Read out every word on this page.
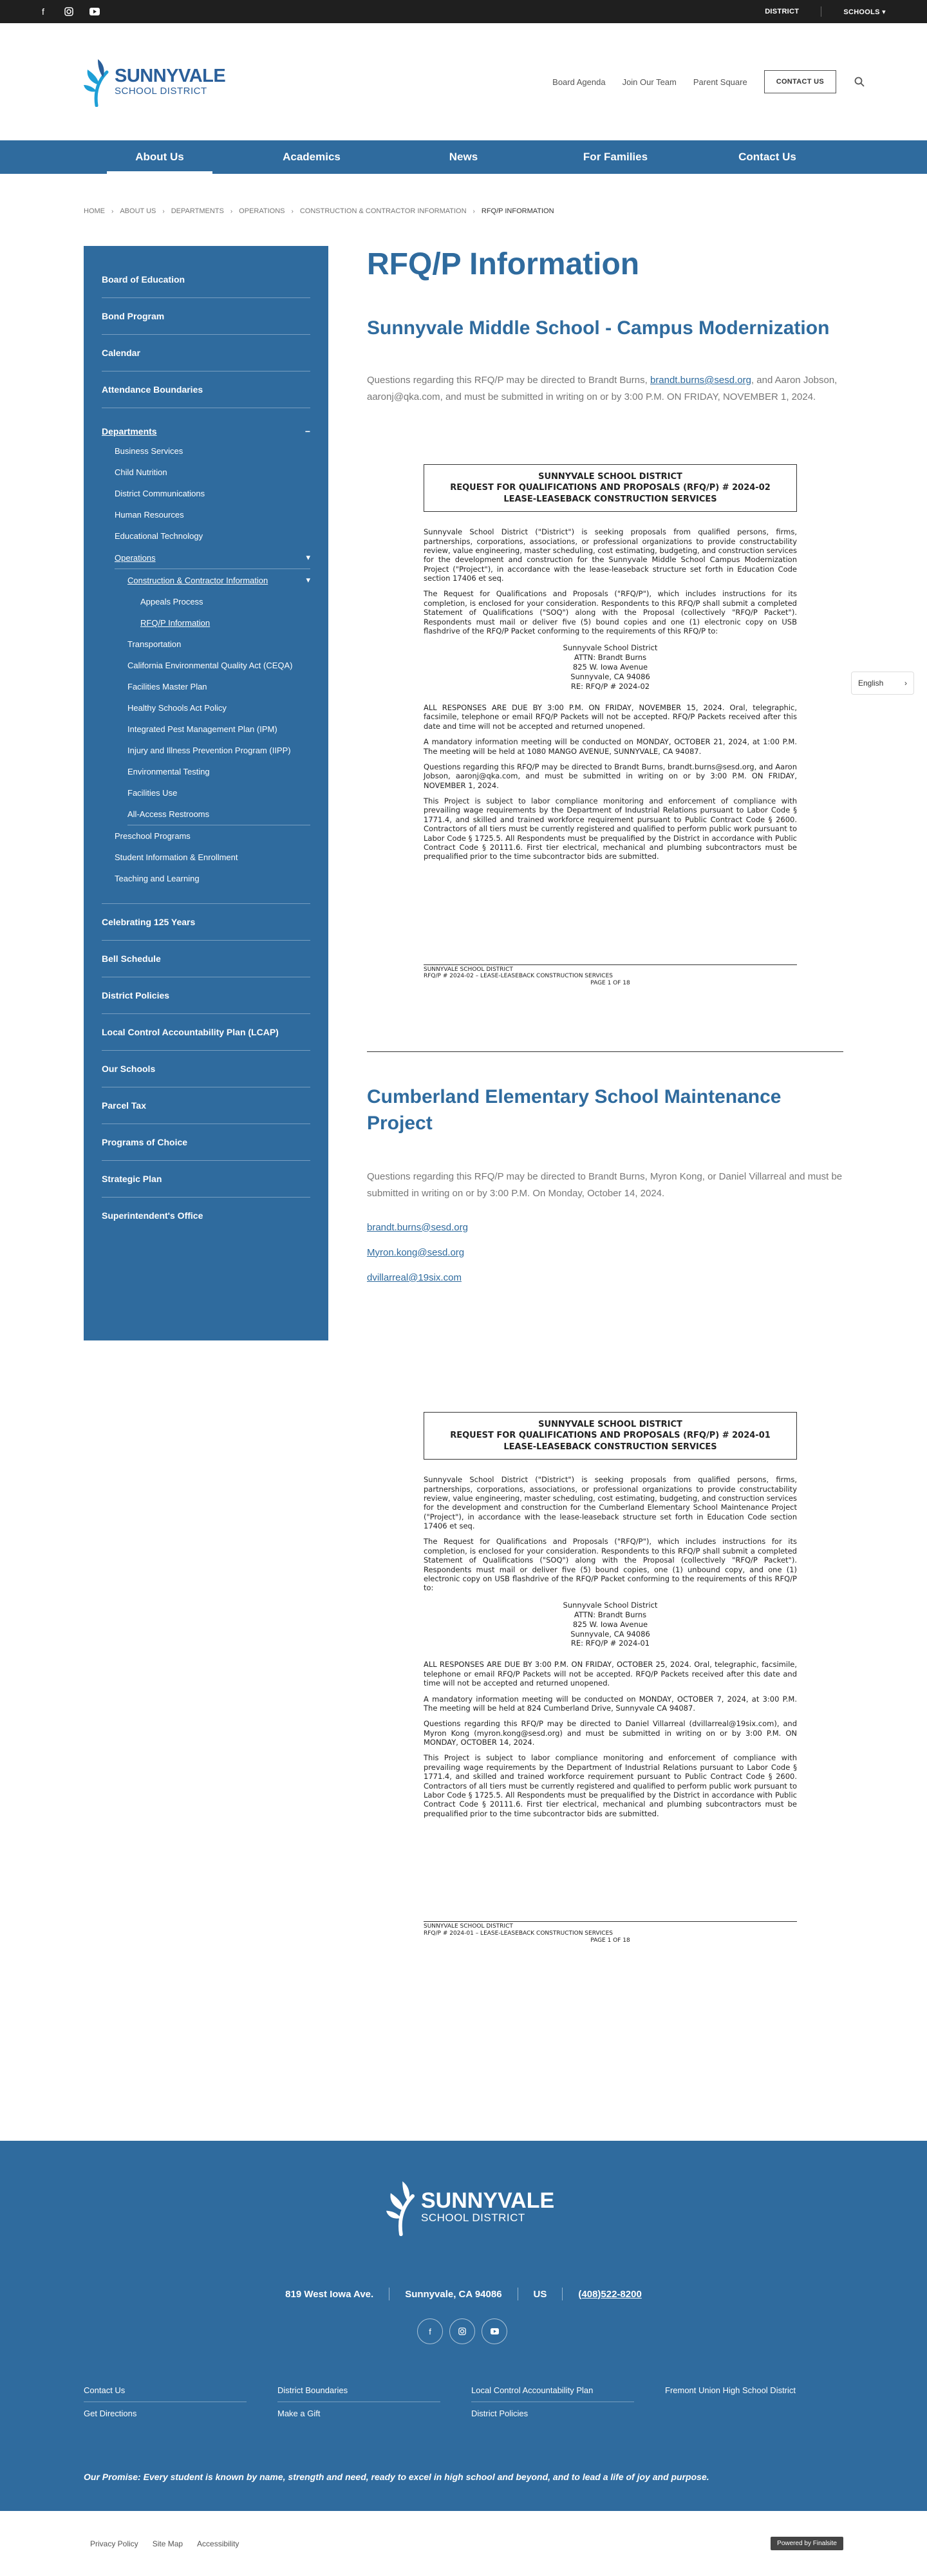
f	DISTRICT	SCHOOLS ▾
SUNNYVALE
SCHOOL DISTRICT
Board Agenda Join Our Team Parent Square	CONTACT US
About Us	Academics	News	For Families	Contact Us
HOME › ABOUT US › DEPARTMENTS › OPERATIONS › CONSTRUCTION & CONTRACTOR INFORMATION › RFQ/P INFORMATION
Board of Education
Bond Program
Calendar
Attendance Boundaries
Departments	−
Business Services
Child Nutrition
District Communications
Human Resources
Educational Technology
Operations	▾
Construction & Contractor Information	▾
Appeals Process
RFQ/P Information
Transportation
California Environmental Quality Act (CEQA)
Facilities Master Plan
Healthy Schools Act Policy
Integrated Pest Management Plan (IPM)
Injury and Illness Prevention Program (IIPP)
Environmental Testing
Facilities Use
All-Access Restrooms
Preschool Programs
Student Information & Enrollment
Teaching and Learning
Celebrating 125 Years
Bell Schedule
District Policies
Local Control Accountability Plan (LCAP)
Our Schools
Parcel Tax
Programs of Choice
Strategic Plan
Superintendent's Office
RFQ/P Information
Sunnyvale Middle School - Campus Modernization

Questions regarding this RFQ/P may be directed to Brandt Burns, brandt.burns@sesd.org, and Aaron Jobson, aaronj@qka.com, and must be submitted in writing on or by 3:00 P.M. ON FRIDAY, NOVEMBER 1, 2024.

SUNNYVALE SCHOOL DISTRICT
REQUEST FOR QUALIFICATIONS AND PROPOSALS (RFQ/P) # 2024-02
LEASE-LEASEBACK CONSTRUCTION SERVICES

Sunnyvale School District ("District") is seeking proposals from qualified persons, firms, partnerships, corporations, associations, or professional organizations to provide constructability review, value engineering, master scheduling, cost estimating, budgeting, and construction services for the development and construction for the Sunnyvale Middle School Campus Modernization Project ("Project"), in accordance with the lease-leaseback structure set forth in Education Code section 17406 et seq.

The Request for Qualifications and Proposals ("RFQ/P"), which includes instructions for its completion, is enclosed for your consideration. Respondents to this RFQ/P shall submit a completed Statement of Qualifications ("SOQ") along with the Proposal (collectively "RFQ/P Packet"). Respondents must mail or deliver five (5) bound copies and one (1) electronic copy on USB flashdrive of the RFQ/P Packet conforming to the requirements of this RFQ/P to:

Sunnyvale School District
ATTN: Brandt Burns
825 W. Iowa Avenue
Sunnyvale, CA 94086
RE: RFQ/P # 2024-02

ALL RESPONSES ARE DUE BY 3:00 P.M. ON FRIDAY, NOVEMBER 15, 2024. Oral, telegraphic, facsimile, telephone or email RFQ/P Packets will not be accepted. RFQ/P Packets received after this date and time will not be accepted and returned unopened.

A mandatory information meeting will be conducted on MONDAY, OCTOBER 21, 2024, at 1:00 P.M. The meeting will be held at 1080 MANGO AVENUE, SUNNYVALE, CA 94087.

Questions regarding this RFQ/P may be directed to Brandt Burns, brandt.burns@sesd.org, and Aaron Jobson, aaronj@qka.com, and must be submitted in writing on or by 3:00 P.M. ON FRIDAY, NOVEMBER 1, 2024.

This Project is subject to labor compliance monitoring and enforcement of compliance with prevailing wage requirements by the Department of Industrial Relations pursuant to Labor Code § 1771.4, and skilled and trained workforce requirement pursuant to Public Contract Code § 2600. Contractors of all tiers must be currently registered and qualified to perform public work pursuant to Labor Code § 1725.5. All Respondents must be prequalified by the District in accordance with Public Contract Code § 20111.6. First tier electrical, mechanical and plumbing subcontractors must be prequalified prior to the time subcontractor bids are submitted.

SUNNYVALE SCHOOL DISTRICT
RFQ/P # 2024-02 – LEASE-LEASEBACK CONSTRUCTION SERVICES
PAGE 1 OF 18
Cumberland Elementary School Maintenance Project

Questions regarding this RFQ/P may be directed to Brandt Burns, Myron Kong, or Daniel Villarreal and must be submitted in writing on or by 3:00 P.M. On Monday, October 14, 2024.

brandt.burns@sesd.org
Myron.kong@sesd.org
dvillarreal@19six.com
SUNNYVALE SCHOOL DISTRICT
REQUEST FOR QUALIFICATIONS AND PROPOSALS (RFQ/P) # 2024-01
LEASE-LEASEBACK CONSTRUCTION SERVICES

Sunnyvale School District ("District") is seeking proposals from qualified persons, firms, partnerships, corporations, associations, or professional organizations to provide constructability review, value engineering, master scheduling, cost estimating, budgeting, and construction services for the development and construction for the Cumberland Elementary School Maintenance Project ("Project"), in accordance with the lease-leaseback structure set forth in Education Code section 17406 et seq.

The Request for Qualifications and Proposals ("RFQ/P"), which includes instructions for its completion, is enclosed for your consideration. Respondents to this RFQ/P shall submit a completed Statement of Qualifications ("SOQ") along with the Proposal (collectively "RFQ/P Packet"). Respondents must mail or deliver five (5) bound copies, one (1) unbound copy, and one (1) electronic copy on USB flashdrive of the RFQ/P Packet conforming to the requirements of this RFQ/P to:

Sunnyvale School District
ATTN: Brandt Burns
825 W. Iowa Avenue
Sunnyvale, CA 94086
RE: RFQ/P # 2024-01

ALL RESPONSES ARE DUE BY 3:00 P.M. ON FRIDAY, OCTOBER 25, 2024. Oral, telegraphic, facsimile, telephone or email RFQ/P Packets will not be accepted. RFQ/P Packets received after this date and time will not be accepted and returned unopened.

A mandatory information meeting will be conducted on MONDAY, OCTOBER 7, 2024, at 3:00 P.M. The meeting will be held at 824 Cumberland Drive, Sunnyvale CA 94087.

Questions regarding this RFQ/P may be directed to Daniel Villarreal (dvillarreal@19six.com), and Myron Kong (myron.kong@sesd.org) and must be submitted in writing on or by 3:00 P.M. ON MONDAY, OCTOBER 14, 2024.

This Project is subject to labor compliance monitoring and enforcement of compliance with prevailing wage requirements by the Department of Industrial Relations pursuant to Labor Code § 1771.4, and skilled and trained workforce requirement pursuant to Public Contract Code § 2600. Contractors of all tiers must be currently registered and qualified to perform public work pursuant to Labor Code § 1725.5. All Respondents must be prequalified by the District in accordance with Public Contract Code § 20111.6. First tier electrical, mechanical and plumbing subcontractors must be prequalified prior to the time subcontractor bids are submitted.

SUNNYVALE SCHOOL DISTRICT
RFQ/P # 2024-01 – LEASE-LEASEBACK CONSTRUCTION SERVICES
PAGE 1 OF 18
English	›
SUNNYVALE
SCHOOL DISTRICT
819 West Iowa Ave.	Sunnyvale, CA 94086	US	(408)522-8200
f
Contact Us	District Boundaries	Local Control Accountability Plan	Fremont Union High School District
Get Directions	Make a Gift	District Policies
Our Promise: Every student is known by name, strength and need, ready to excel in high school and beyond, and to lead a life of joy and purpose.
Privacy Policy Site Map Accessibility	Powered by Finalsite
